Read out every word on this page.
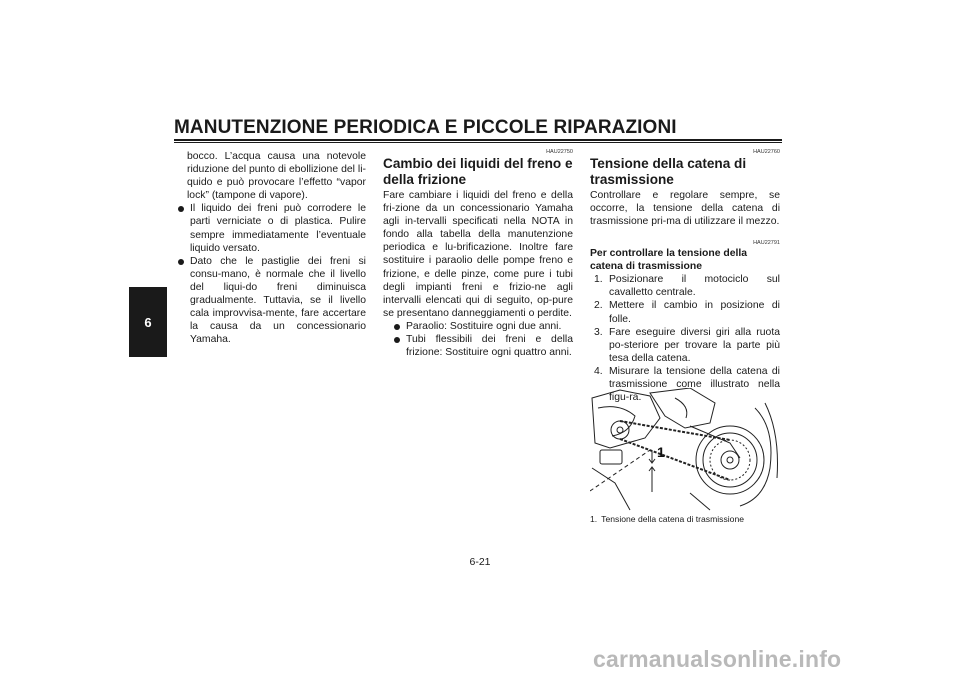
MANUTENZIONE PERIODICA E PICCOLE RIPARAZIONI
6

bocco. L’acqua causa una notevole riduzione del punto di ebollizione del li-quido e può provocare l’effetto “vapor lock” (tampone di vapore).

Il liquido dei freni può corrodere le parti verniciate o di plastica. Pulire sempre immediatamente l’eventuale liquido versato.
Dato che le pastiglie dei freni si consu-mano, è normale che il livello del liqui-do freni diminuisca gradualmente. Tuttavia, se il livello cala improvvisa-mente, fare accertare la causa da un concessionario Yamaha.
HAU22750
Cambio dei liquidi del freno e della frizione

Fare cambiare i liquidi del freno e della fri-zione da un concessionario Yamaha agli in-tervalli specificati nella NOTA in fondo alla tabella della manutenzione periodica e lu-brificazione. Inoltre fare sostituire i paraolio delle pompe freno e frizione, e delle pinze, come pure i tubi degli impianti freni e frizio-ne agli intervalli elencati qui di seguito, op-pure se presentano danneggiamenti o perdite.

Paraolio: Sostituire ogni due anni.
Tubi flessibili dei freni e della frizione: Sostituire ogni quattro anni.
HAU22760
Tensione della catena di trasmissione

Controllare e regolare sempre, se occorre, la tensione della catena di trasmissione pri-ma di utilizzare il mezzo.

HAU22791
Per controllare la tensione della catena di trasmissione
1. Posizionare il motociclo sul cavalletto centrale.
2. Mettere il cambio in posizione di folle.
3. Fare eseguire diversi giri alla ruota po-steriore per trovare la parte più tesa della catena.
4. Misurare la tensione della catena di trasmissione come illustrato nella figu-ra.
1
1. Tensione della catena di trasmissione
6-21
carmanualsonline.info
